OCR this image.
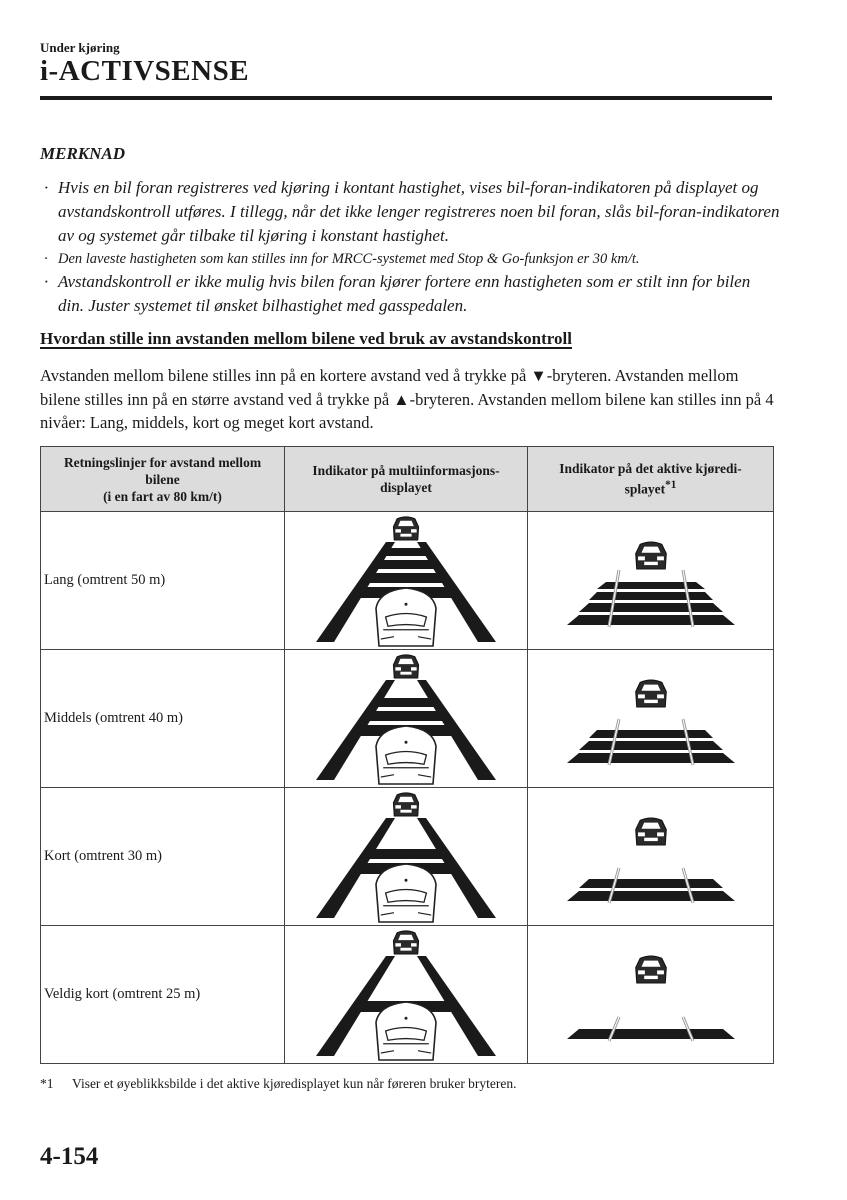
Under kjøring
i-ACTIVSENSE
MERKNAD
· Hvis en bil foran registreres ved kjøring i kontant hastighet, vises bil-foran-indikatoren på displayet og avstandskontroll utføres. I tillegg, når det ikke lenger registreres noen bil foran, slås bil-foran-indikatoren av og systemet går tilbake til kjøring i konstant hastighet.
· Den laveste hastigheten som kan stilles inn for MRCC-systemet med Stop & Go-funksjon er 30 km/t.
· Avstandskontroll er ikke mulig hvis bilen foran kjører fortere enn hastigheten som er stilt inn for bilen din. Juster systemet til ønsket bilhastighet med gasspedalen.
Hvordan stille inn avstanden mellom bilene ved bruk av avstandskontroll
Avstanden mellom bilene stilles inn på en kortere avstand ved å trykke på ▼-bryteren. Avstanden mellom bilene stilles inn på en større avstand ved å trykke på ▲-bryteren. Avstanden mellom bilene kan stilles inn på 4 nivåer: Lang, middels, kort og meget kort avstand.
Retningslinjer for avstand mellom bilene
(i en fart av 80 km/t)	Indikator på multiinformasjons-displayet	Indikator på det aktive kjøredi-splayet$^{*1}$
Lang (omtrent 50 m)	

Middels (omtrent 40 m)	

Kort (omtrent 30 m)	

Veldig kort (omtrent 25 m)	

*1 Viser et øyeblikksbilde i det aktive kjøredisplayet kun når føreren bruker bryteren.
4-154
